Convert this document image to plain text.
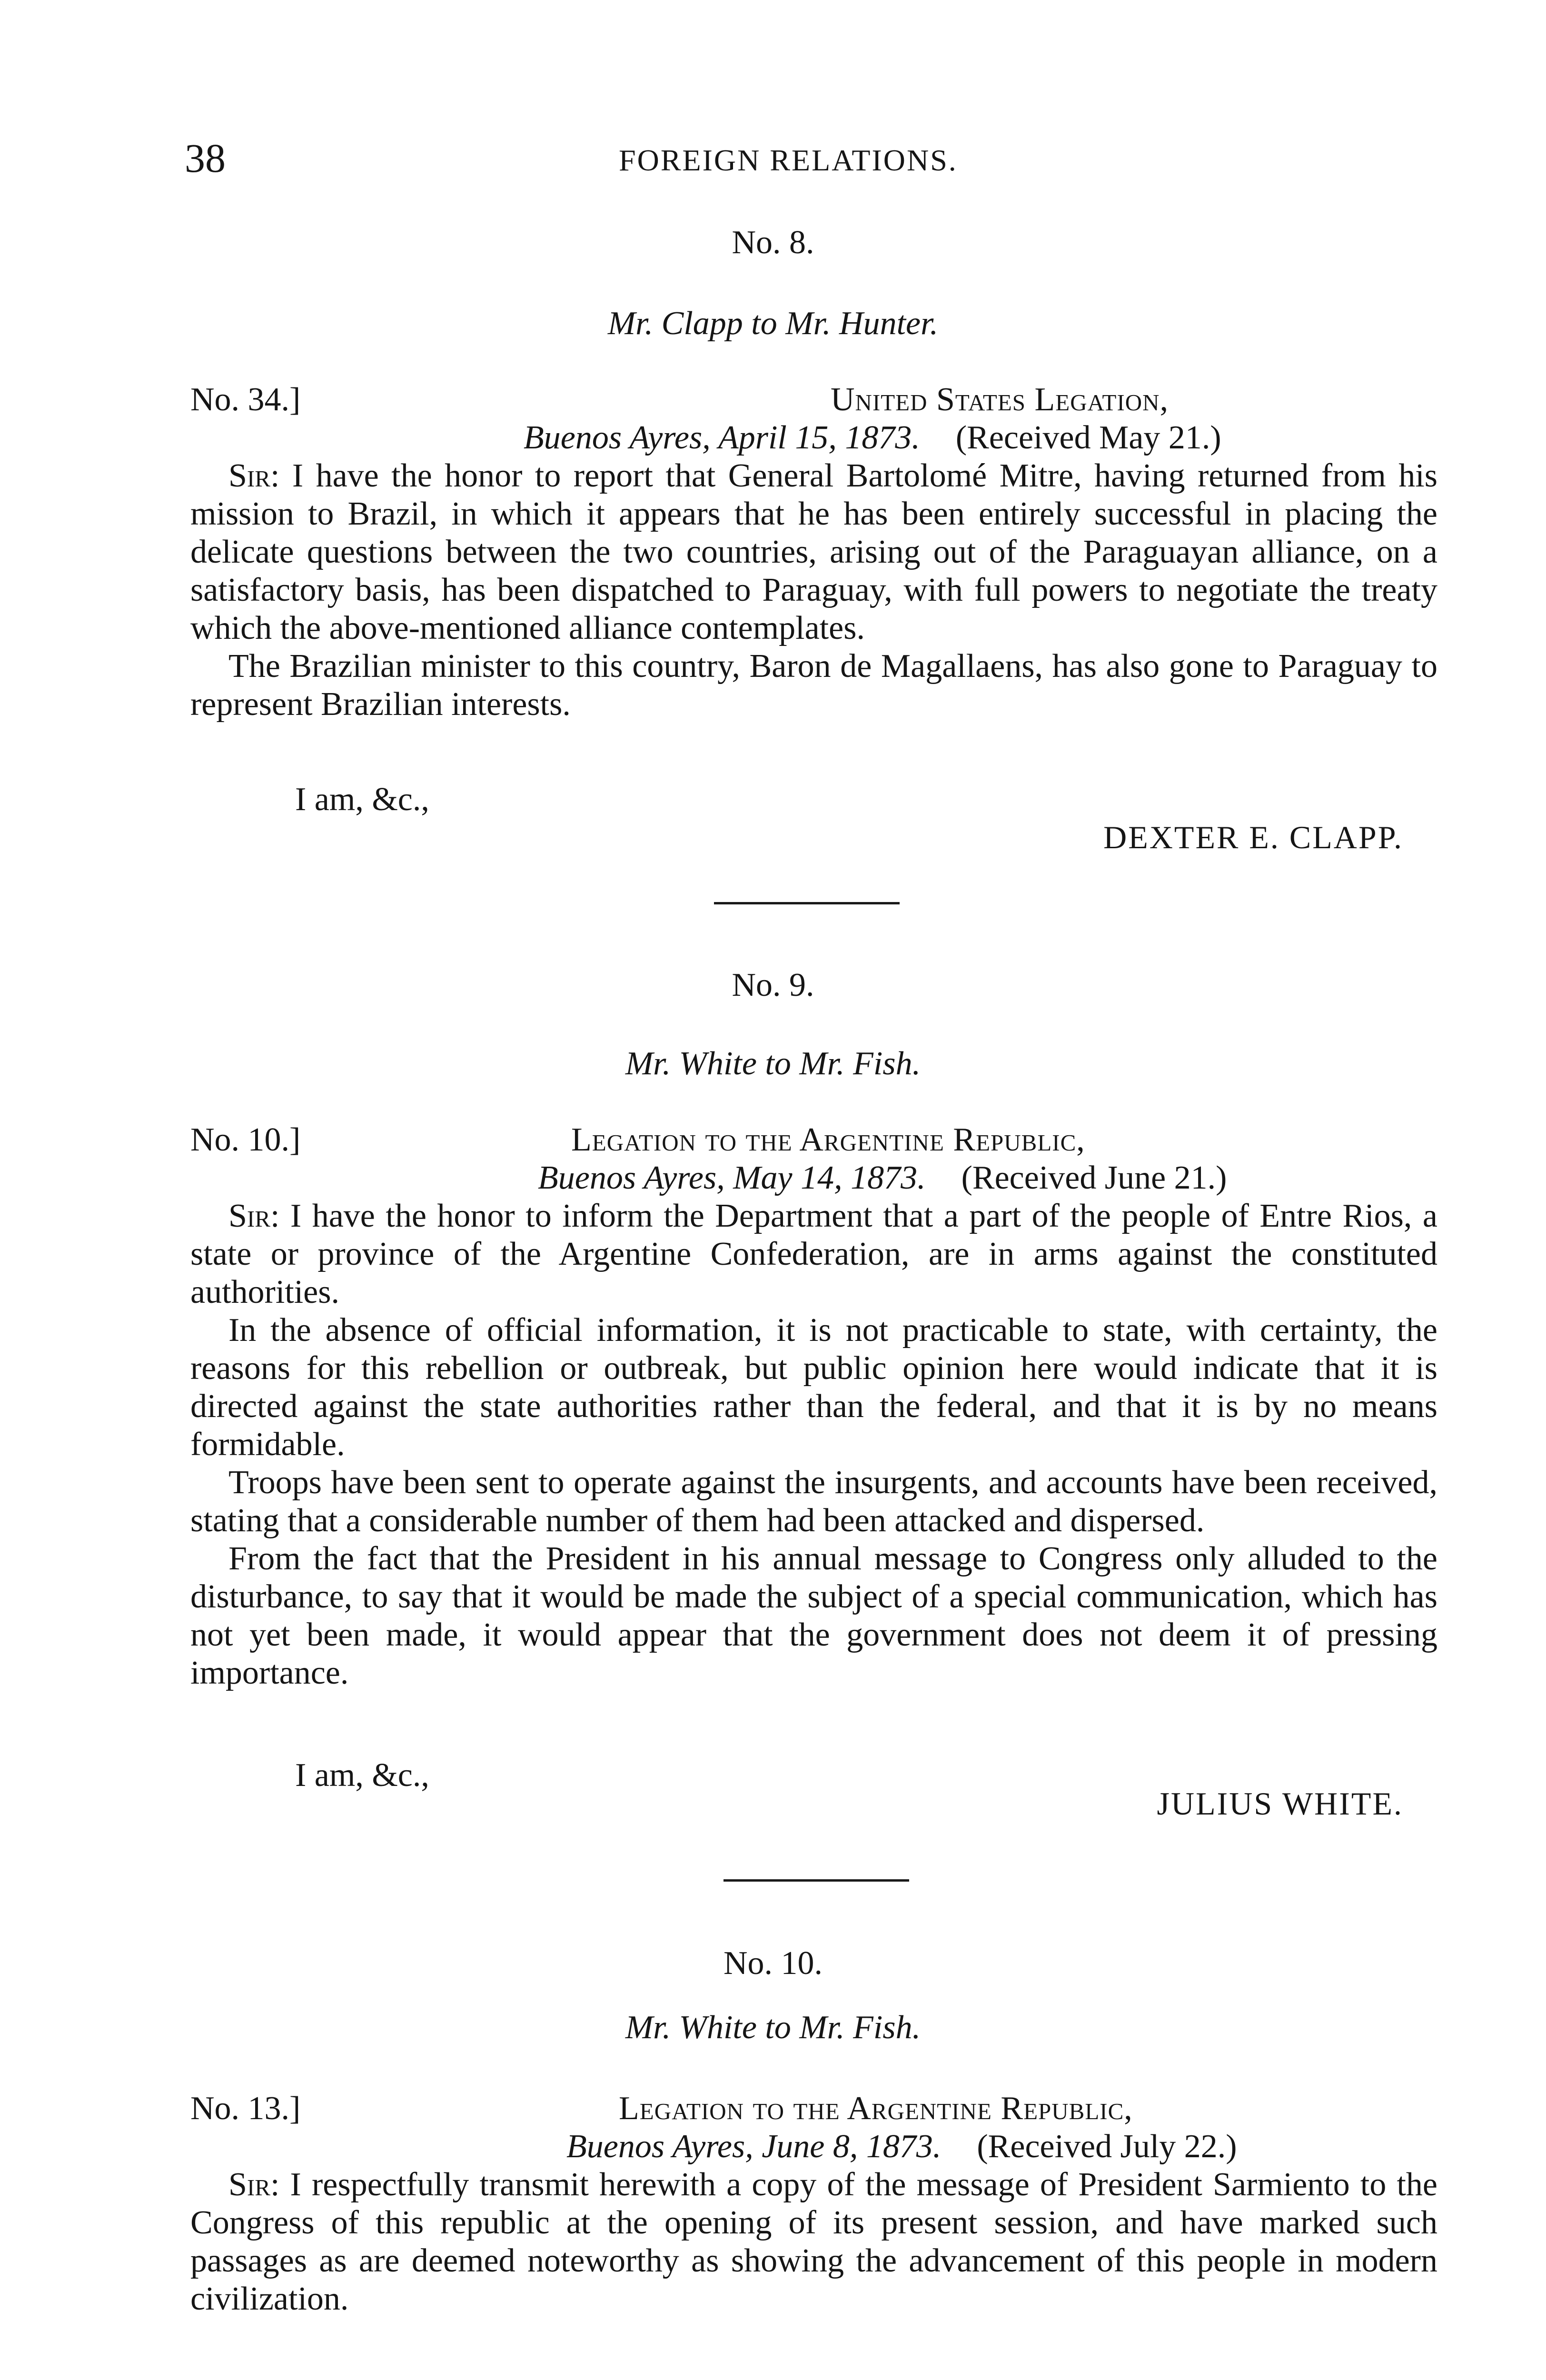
38	FOREIGN RELATIONS.
No. 8.
Mr. Clapp to Mr. Hunter.
No. 34.]	United States Legation,
Buenos Ayres, April 15, 1873. (Received May 21.)

Sir: I have the honor to report that General Bartolomé Mitre, having returned from his mission to Brazil, in which it appears that he has been entirely successful in placing the delicate questions between the two countries, arising out of the Paraguayan alliance, on a satisfactory basis, has been dispatched to Paraguay, with full powers to negotiate the treaty which the above-mentioned alliance contemplates.

The Brazilian minister to this country, Baron de Magallaens, has also gone to Paraguay to represent Brazilian interests.

I am, &c.,
DEXTER E. CLAPP.
No. 9.
Mr. White to Mr. Fish.
No. 10.]	Legation to the Argentine Republic,
Buenos Ayres, May 14, 1873. (Received June 21.)

Sir: I have the honor to inform the Department that a part of the people of Entre Rios, a state or province of the Argentine Confederation, are in arms against the constituted authorities.

In the absence of official information, it is not practicable to state, with certainty, the reasons for this rebellion or outbreak, but public opinion here would indicate that it is directed against the state authorities rather than the federal, and that it is by no means formidable.

Troops have been sent to operate against the insurgents, and accounts have been received, stating that a considerable number of them had been attacked and dispersed.

From the fact that the President in his annual message to Congress only alluded to the disturbance, to say that it would be made the subject of a special communication, which has not yet been made, it would appear that the government does not deem it of pressing importance.

I am, &c.,
JULIUS WHITE.
No. 10.
Mr. White to Mr. Fish.
No. 13.]	Legation to the Argentine Republic,
Buenos Ayres, June 8, 1873. (Received July 22.)

Sir: I respectfully transmit herewith a copy of the message of President Sarmiento to the Congress of this republic at the opening of its present session, and have marked such passages as are deemed noteworthy as showing the advancement of this people in modern civilization.
